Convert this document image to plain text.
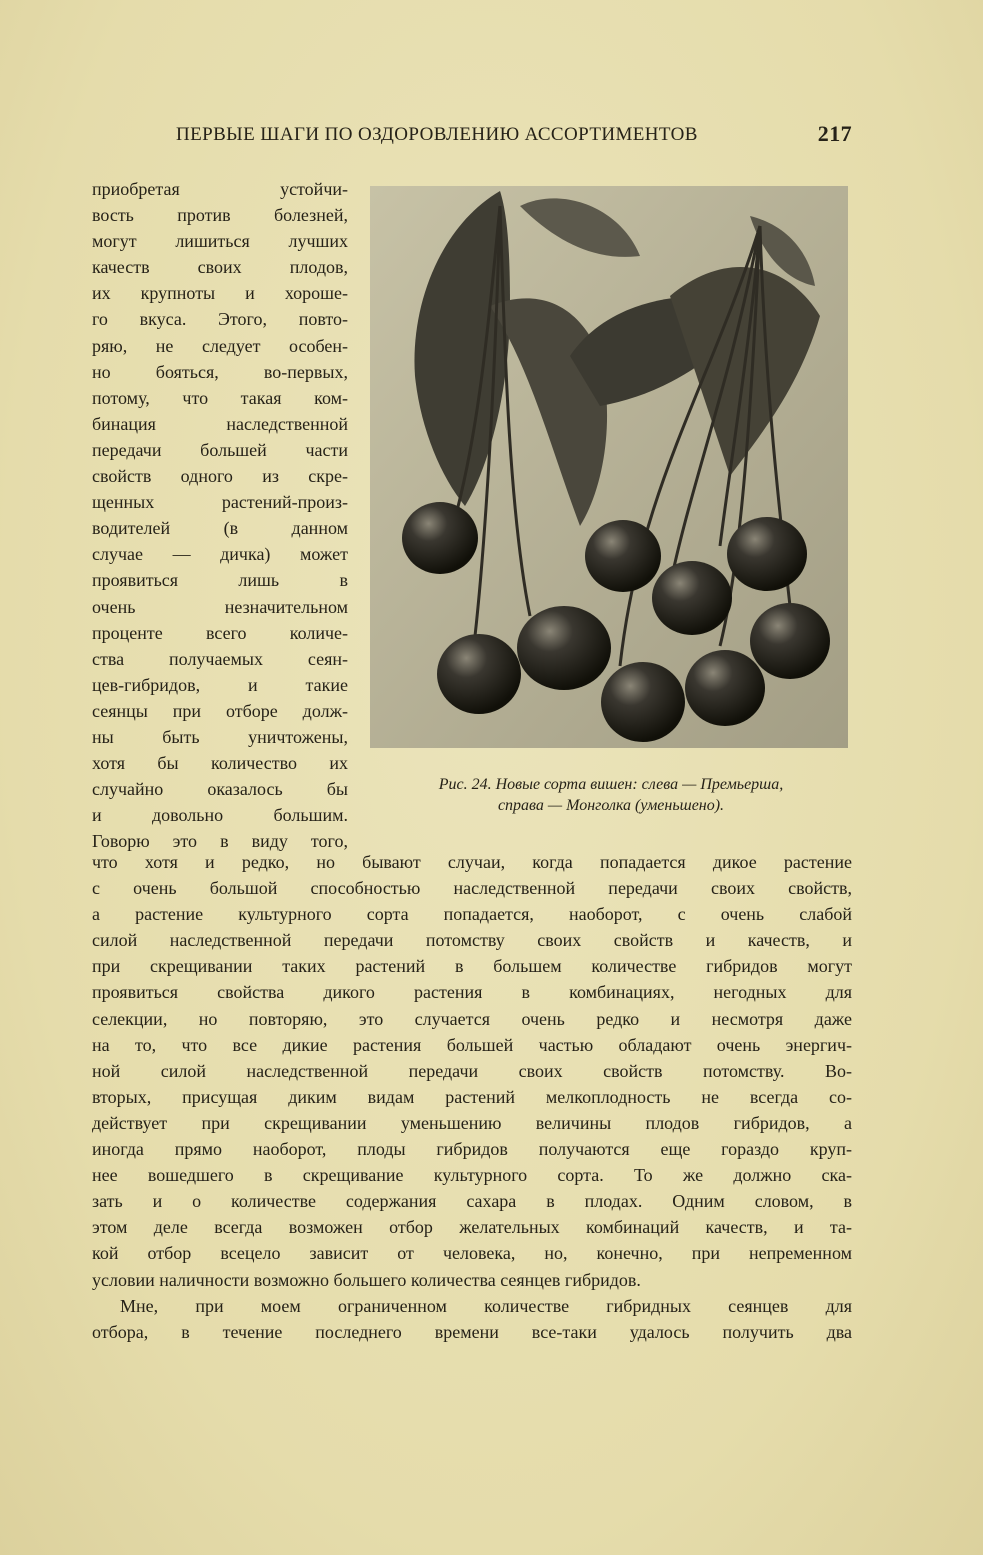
ПЕРВЫЕ ШАГИ ПО ОЗДОРОВЛЕНИЮ АССОРТИМЕНТОВ	217
приобретая устойчи-
вость против болезней,
могут лишиться лучших
качеств своих плодов,
их крупноты и хороше-
го вкуса. Этого, повто-
ряю, не следует особен-
но бояться, во-первых,
потому, что такая ком-
бинация наследственной
передачи большей части
свойств одного из скре-
щенных растений-произ-
водителей (в данном
случае — дичка) может
проявиться лишь в
очень незначительном
проценте всего количе-
ства получаемых сеян-
цев-гибридов, и такие
сеянцы при отборе долж-
ны быть уничтожены,
хотя бы количество их
случайно оказалось бы
и довольно большим.
Говорю это в виду того,
Рис. 24. Новые сорта вишен: слева — Премьерша,
справа — Монголка (уменьшено).
что хотя и редко, но бывают случаи, когда попадается дикое растение
с очень большой способностью наследственной передачи своих свойств,
а растение культурного сорта попадается, наоборот, с очень слабой
силой наследственной передачи потомству своих свойств и качеств, и
при скрещивании таких растений в большем количестве гибридов могут
проявиться свойства дикого растения в комбинациях, негодных для
селекции, но повторяю, это случается очень редко и несмотря даже
на то, что все дикие растения большей частью обладают очень энергич-
ной силой наследственной передачи своих свойств потомству. Во-
вторых, присущая диким видам растений мелкоплодность не всегда со-
действует при скрещивании уменьшению величины плодов гибридов, а
иногда прямо наоборот, плоды гибридов получаются еще гораздо круп-
нее вошедшего в скрещивание культурного сорта. То же должно ска-
зать и о количестве содержания сахара в плодах. Одним словом, в
этом деле всегда возможен отбор желательных комбинаций качеств, и та-
кой отбор всецело зависит от человека, но, конечно, при непременном
условии наличности возможно большего количества сеянцев гибридов.
Мне, при моем ограниченном количестве гибридных сеянцев для
отбора, в течение последнего времени все-таки удалось получить два
